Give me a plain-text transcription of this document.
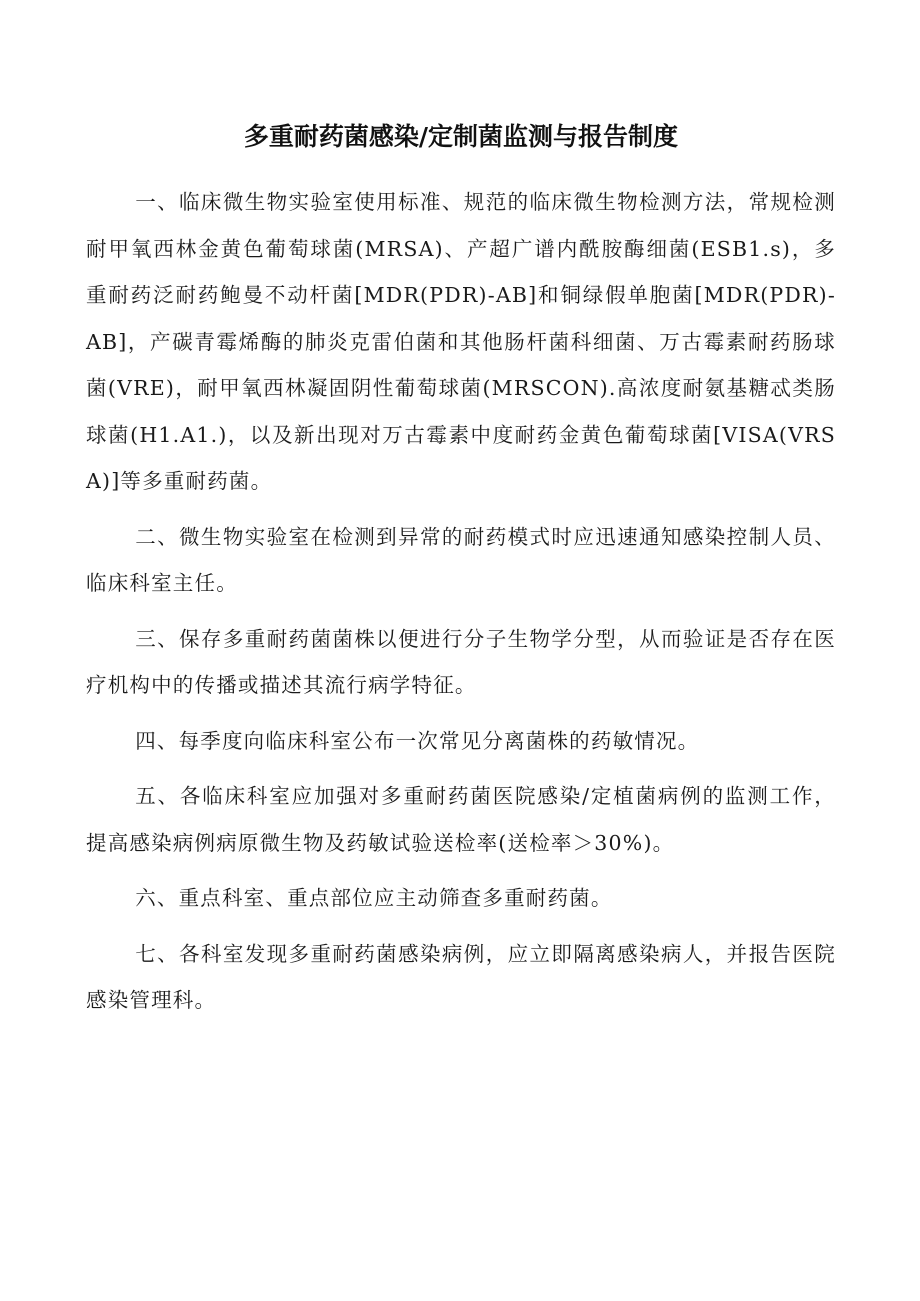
多重耐药菌感染/定制菌监测与报告制度

一、临床微生物实验室使用标准、规范的临床微生物检测方法，常规检测耐甲氧西林金黄色葡萄球菌(MRSA)、产超广谱内酰胺酶细菌(ESB1.s)，多重耐药泛耐药鲍曼不动杆菌[MDR(PDR)-AB]和铜绿假单胞菌[MDR(PDR)-AB]，产碳青霉烯酶的肺炎克雷伯菌和其他肠杆菌科细菌、万古霉素耐药肠球菌(VRE)，耐甲氧西林凝固阴性葡萄球菌(MRSCON).高浓度耐氨基糖忒类肠球菌(H1.A1.)，以及新出现对万古霉素中度耐药金黄色葡萄球菌[VISA(VRSA)]等多重耐药菌。

二、微生物实验室在检测到异常的耐药模式时应迅速通知感染控制人员、临床科室主任。

三、保存多重耐药菌菌株以便进行分子生物学分型，从而验证是否存在医疗机构中的传播或描述其流行病学特征。

四、每季度向临床科室公布一次常见分离菌株的药敏情况。

五、各临床科室应加强对多重耐药菌医院感染/定植菌病例的监测工作，提高感染病例病原微生物及药敏试验送检率(送检率＞30%)。

六、重点科室、重点部位应主动筛查多重耐药菌。

七、各科室发现多重耐药菌感染病例，应立即隔离感染病人，并报告医院感染管理科。
